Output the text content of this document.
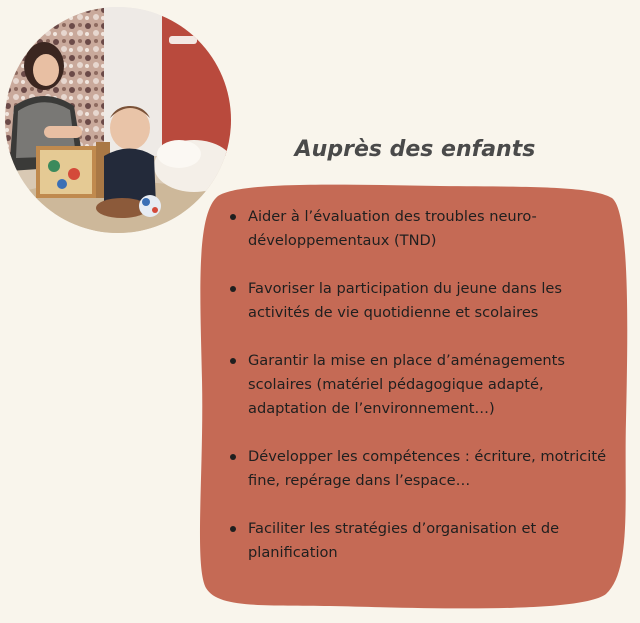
Auprès des enfants
Aider à l’évaluation des troubles neuro-développementaux (TND)
Favoriser la participation du jeune dans les activités de vie quotidienne et scolaires
Garantir la mise en place d’aménagements scolaires (matériel pédagogique adapté, adaptation de l’environnement…)
Développer les compétences : écriture, motricité fine, repérage dans l’espace…
Faciliter les stratégies d’organisation et de planification
